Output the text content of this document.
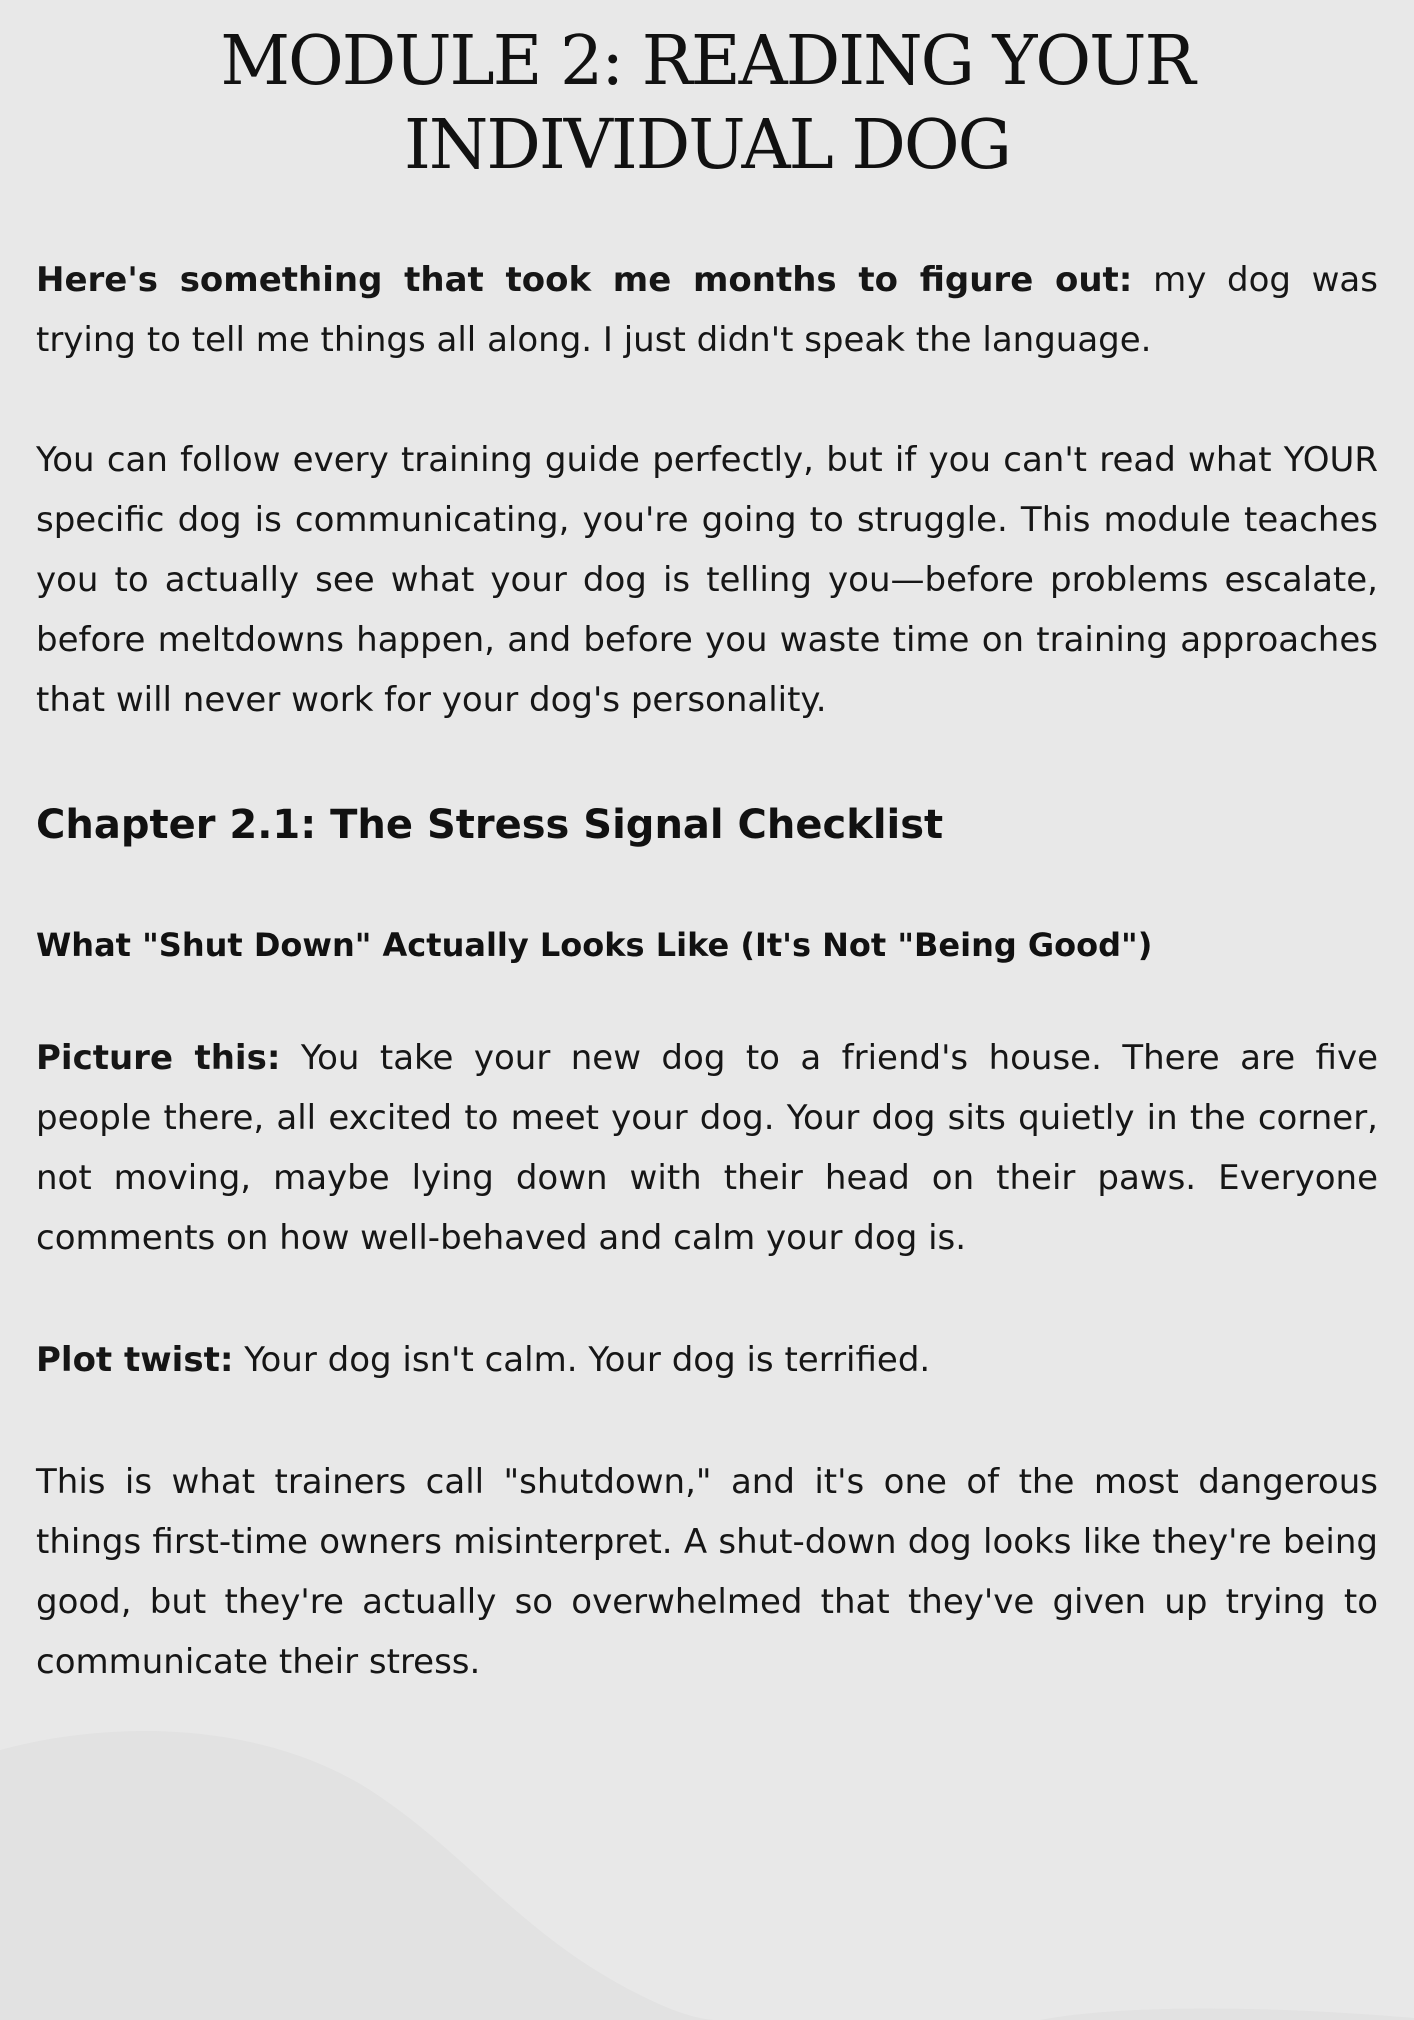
MODULE 2: READING YOUR
INDIVIDUAL DOG

Here's something that took me months to figure out: my dog was trying to tell me things all along. I just didn't speak the language.

You can follow every training guide perfectly, but if you can't read what YOUR specific dog is communicating, you're going to struggle. This module teaches you to actually see what your dog is telling you—before problems escalate, before meltdowns happen, and before you waste time on training approaches that will never work for your dog's personality.

Chapter 2.1: The Stress Signal Checklist
What "Shut Down" Actually Looks Like (It's Not "Being Good")

Picture this: You take your new dog to a friend's house. There are five people there, all excited to meet your dog. Your dog sits quietly in the corner, not moving, maybe lying down with their head on their paws. Everyone comments on how well-behaved and calm your dog is.

Plot twist: Your dog isn't calm. Your dog is terrified.

This is what trainers call "shutdown," and it's one of the most dangerous things first-time owners misinterpret. A shut-down dog looks like they're being good, but they're actually so overwhelmed that they've given up trying to communicate their stress.
